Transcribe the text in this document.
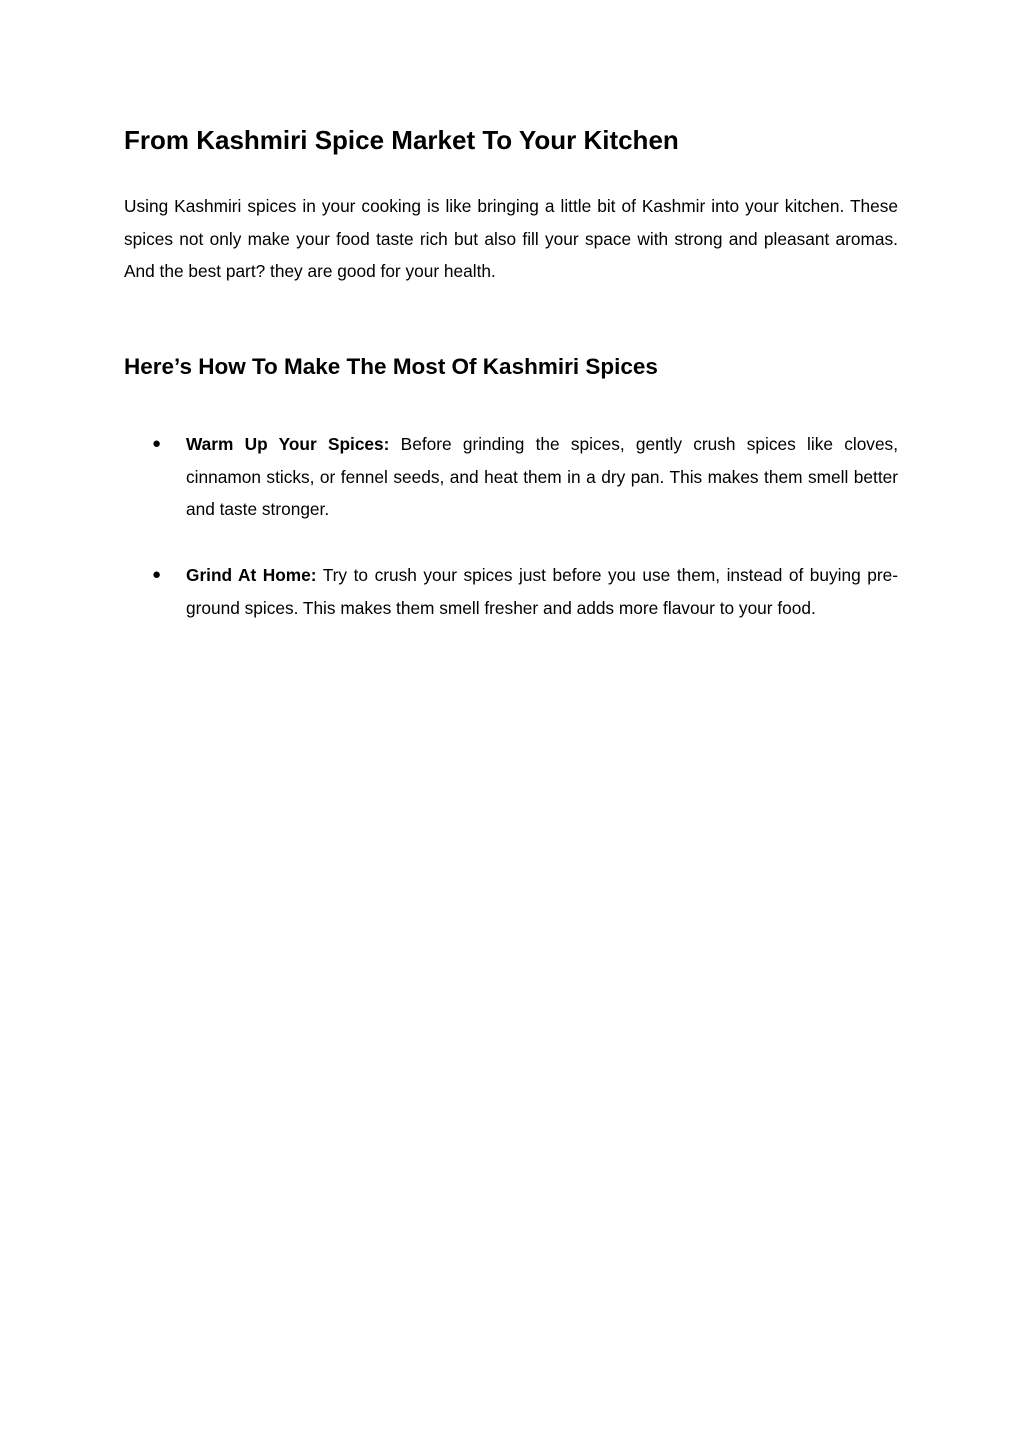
From Kashmiri Spice Market To Your Kitchen

Using Kashmiri spices in your cooking is like bringing a little bit of Kashmir into your kitchen. These spices not only make your food taste rich but also fill your space with strong and pleasant aromas. And the best part? they are good for your health.

Here’s How To Make The Most Of Kashmiri Spices
● Warm Up Your Spices: Before grinding the spices, gently crush spices like cloves, cinnamon sticks, or fennel seeds, and heat them in a dry pan. This makes them smell better and taste stronger.

● Grind At Home: Try to crush your spices just before you use them, instead of buying pre-ground spices. This makes them smell fresher and adds more flavour to your food.
